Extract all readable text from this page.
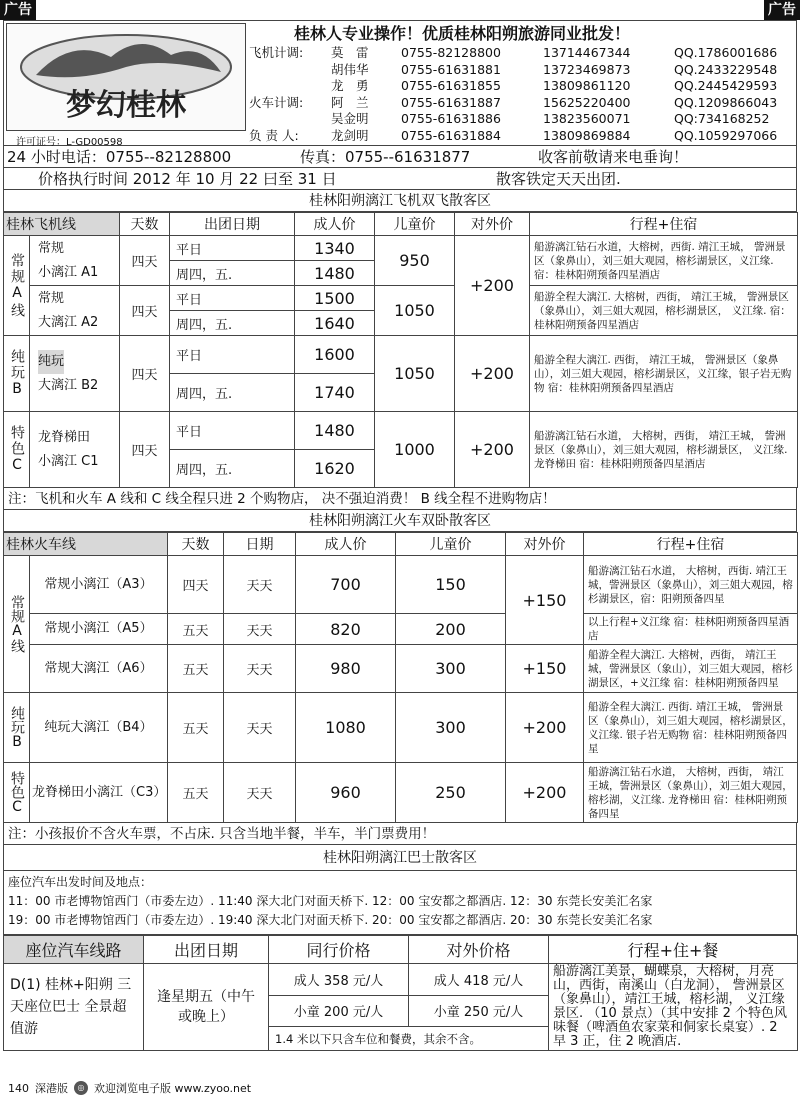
广告	广告
梦幻桂林
许可证号：L-GD00598
桂林人专业操作！优质桂林阳朔旅游同业批发！
飞机计调:	莫　雷	0755-82128800	13714467344	QQ.1786001686
胡伟华	0755-61631881	13723469873	QQ.2433229548
龙　勇	0755-61631855	13809861120	QQ.2445429593
火车计调:	阿　兰	0755-61631887	15625220400	QQ.1209866043
吴金明	0755-61631886	13823560071	QQ:734168252
负 责 人:	龙剑明	0755-61631884	13809869884	QQ.1059297066
24 小时电话：0755--82128800	传真：0755--61631877	收客前敬请来电垂询！
价格执行时间 2012 年 10 月 22 曰至 31 日	散客铁定天天出团.
桂林阳朔漓江飞机双飞散客区
桂林飞机线		天数	出团日期	成人价	儿童价	对外价	行程+住宿
常规A线	常规
小漓江 A1	四天	平日	1340	950	+200	船游漓江钻石水道，大榕树，西街. 靖江王城， 訾洲景区（象鼻山），刘三姐大观园，榕杉湖景区，义江缘. 宿：桂林阳朔预备四星酒店
			周四，五.	1480			

	常规
大漓江 A2	四天	平日	1500	1050		船游全程大漓江. 大榕树，西街， 靖江王城， 訾洲景区（象鼻山），刘三姐大观园，榕杉湖景区， 义江缘. 宿：桂林阳朔预备四星酒店
			周四，五.	1640			
纯玩B	纯玩
大漓江 B2	四天	平日	1600	1050	+200	船游全程大漓江. 西街， 靖江王城， 訾洲景区（象鼻山），刘三姐大观园，榕杉湖景区，义江缘，银子岩无购物 宿：桂林阳朔预备四星酒店
			周四，五.	1740			
特色C	龙脊梯田
小漓江 C1	四天	平日	1480	1000	+200	船游漓江钻石水道， 大榕树，西街， 靖江王城， 訾洲景区（象鼻山），刘三姐大观园，榕杉湖景区， 义江缘. 龙脊梯田 宿：桂林阳朔预备四星酒店
			周四，五.	1620			
注：飞机和火车 A 线和 C 线全程只进 2 个购物店， 决不强迫消费！ B 线全程不进购物店！
桂林阳朔漓江火车双卧散客区
桂林火车线		天数	日期	成人价	儿童价	对外价	行程+住宿
常规A线	常规小漓江（A3）	四天	天天	700	150	+150	船游漓江钻石水道， 大榕树，西街. 靖江王城，訾洲景区（象鼻山），刘三姐大观园，榕杉湖景区，宿：阳朔预备四星
	常规小漓江（A5）	五天	天天	820	200		以上行程+义江缘 宿：桂林阳朔预备四星酒店
	常规大漓江（A6）	五天	天天	980	300	+150	船游全程大漓江. 大榕树，西街， 靖江王城，訾洲景区（象山），刘三姐大观园，榕杉湖景区，+义江缘 宿：桂林阳朔预备四星
纯玩B	纯玩大漓江（B4）	五天	天天	1080	300	+200	船游全程大漓江. 西街. 靖江王城， 訾洲景区（象鼻山），刘三姐大观园，榕杉湖景区，义江缘. 银子岩无购物 宿：桂林阳朔预备四星
特色C	龙脊梯田小漓江（C3）	五天	天天	960	250	+200	船游漓江钻石水道， 大榕树，西街， 靖江王城，訾洲景区（象鼻山），刘三姐大观园，榕杉湖，义江缘. 龙脊梯田 宿：桂林阳朔预备四星
注：小孩报价不含火车票，不占床. 只含当地半餐，半车，半门票费用！
桂林阳朔漓江巴士散客区
座位汽车出发时间及地点：
11：00 市老博物馆西门（市委左边）. 11:40 深大北门对面天桥下. 12：00 宝安都之都酒店. 12：30 东莞长安美汇名家
19：00 市老博物馆西门（市委左边）. 19:40 深大北门对面天桥下. 20：00 宝安都之都酒店. 20：30 东莞长安美汇名家
座位汽车线路	出团日期	同行价格	对外价格	行程+住+餐
D(1) 桂林+阳朔 三天座位巴士 全景超值游	逢星期五（中午或晚上）	成人 358 元/人	成人 418 元/人	船游漓江美景，蝴蝶泉，大榕树，月亮山，西街，南溪山（白龙洞）， 訾洲景区（象鼻山），靖江王城，榕杉湖， 义江缘景区. （10 景点）（其中安排 2 个特色风味餐（啤酒鱼农家菜和侗家长桌宴）. 2 早 3 正，住 2 晚酒店.
		小童 200 元/人	小童 250 元/人	
		1.4 米以下只含车位和餐费，其余不含。		
140 深港版	◎ 欢迎浏览电子版 www.zyoo.net
